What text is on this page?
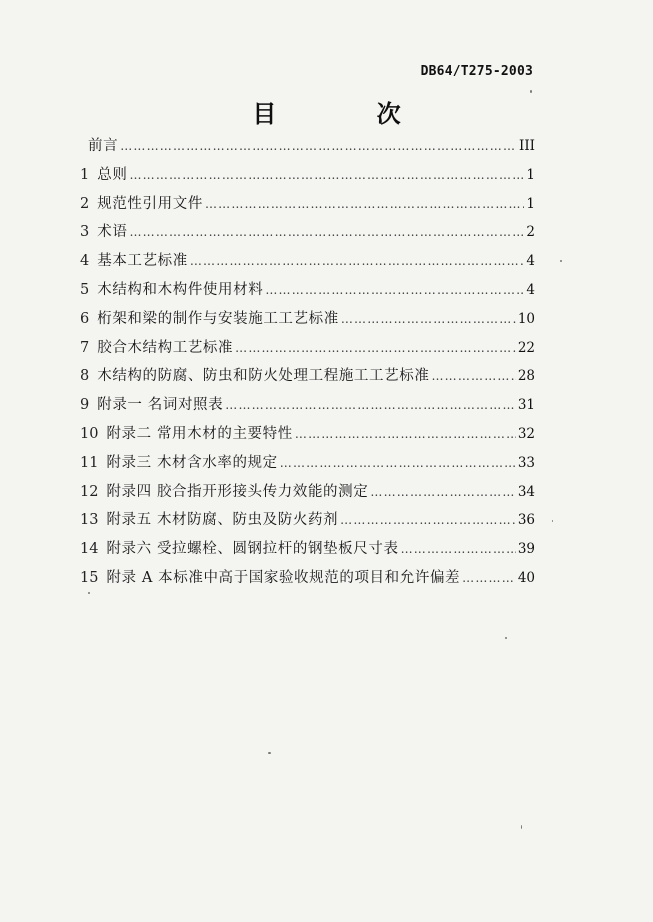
DB64/T275-2003
目 次
前言 ……………………………………………………………………………………………………………………………………………	III
1 总则 ……………………………………………………………………………………………………………………………………………	1
2 规范性引用文件 ……………………………………………………………………………………………………………………………………………	1
3 术语 ……………………………………………………………………………………………………………………………………………	2
4 基本工艺标准 ……………………………………………………………………………………………………………………………………………	4
5 木结构和木构件使用材料 ……………………………………………………………………………………………………………………………………………	4
6 桁架和梁的制作与安装施工工艺标准 ……………………………………………………………………………………………………………………………………………	10
7 胶合木结构工艺标准 ……………………………………………………………………………………………………………………………………………	22
8 木结构的防腐、防虫和防火处理工程施工工艺标准 ……………………………………………………………………………………………………………………………………………	28
9 附录一 名词对照表 ……………………………………………………………………………………………………………………………………………	31
10 附录二 常用木材的主要特性 ……………………………………………………………………………………………………………………………………………	32
11 附录三 木材含水率的规定 ……………………………………………………………………………………………………………………………………………	33
12 附录四 胶合指开形接头传力效能的测定 ……………………………………………………………………………………………………………………………………………	34
13 附录五 木材防腐、防虫及防火药剂 ……………………………………………………………………………………………………………………………………………	36
14 附录六 受拉螺栓、圆钢拉杆的钢垫板尺寸表 ……………………………………………………………………………………………………………………………………………	39
15 附录 A 本标准中高于国家验收规范的项目和允许偏差 ……………………………………………………………………………………………………………………………………………	40
